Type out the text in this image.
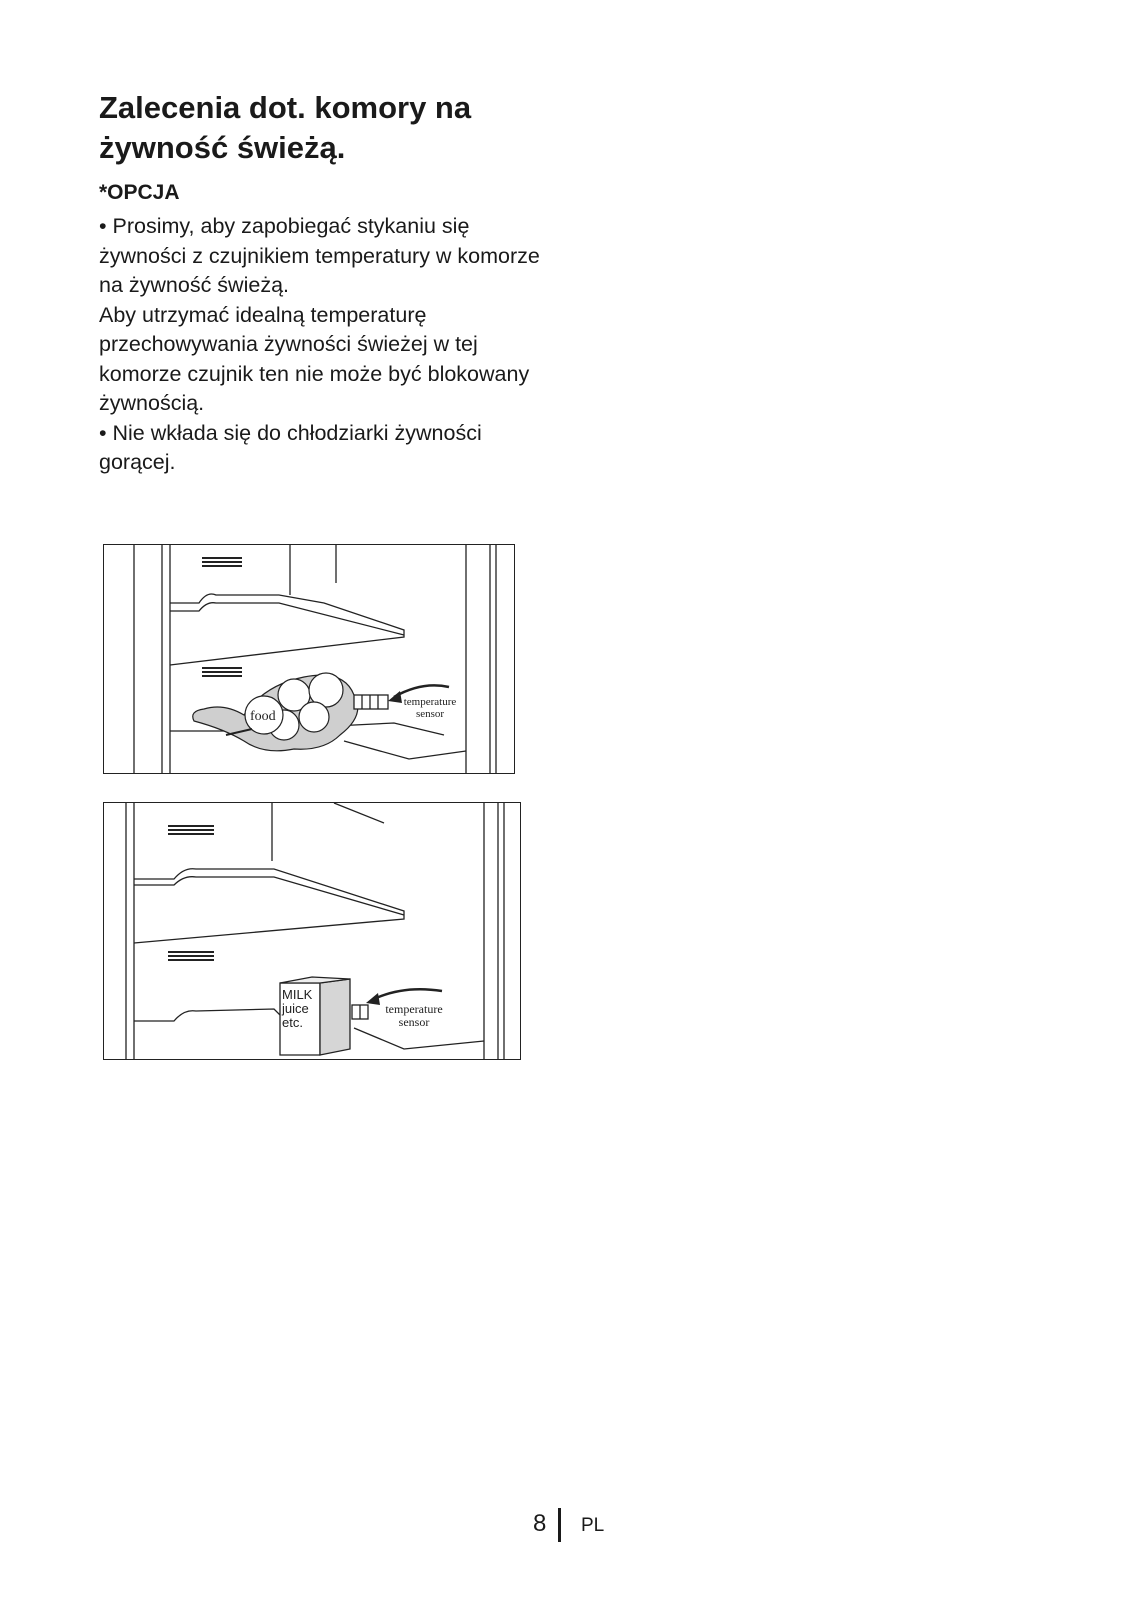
Zalecenia dot. komory na
żywność świeżą.
*OPCJA

• Prosimy, aby zapobiegać stykaniu się żywności z czujnikiem temperatury w komorze na żywność świeżą.

Aby utrzymać idealną temperaturę przechowywania żywności świeżej w tej komorze czujnik ten nie może być blokowany żywnością.

• Nie wkłada się do chłodziarki żywności gorącej.

food
temperature
sensor
MILK
juice
etc.
temperature
sensor
8 PL
